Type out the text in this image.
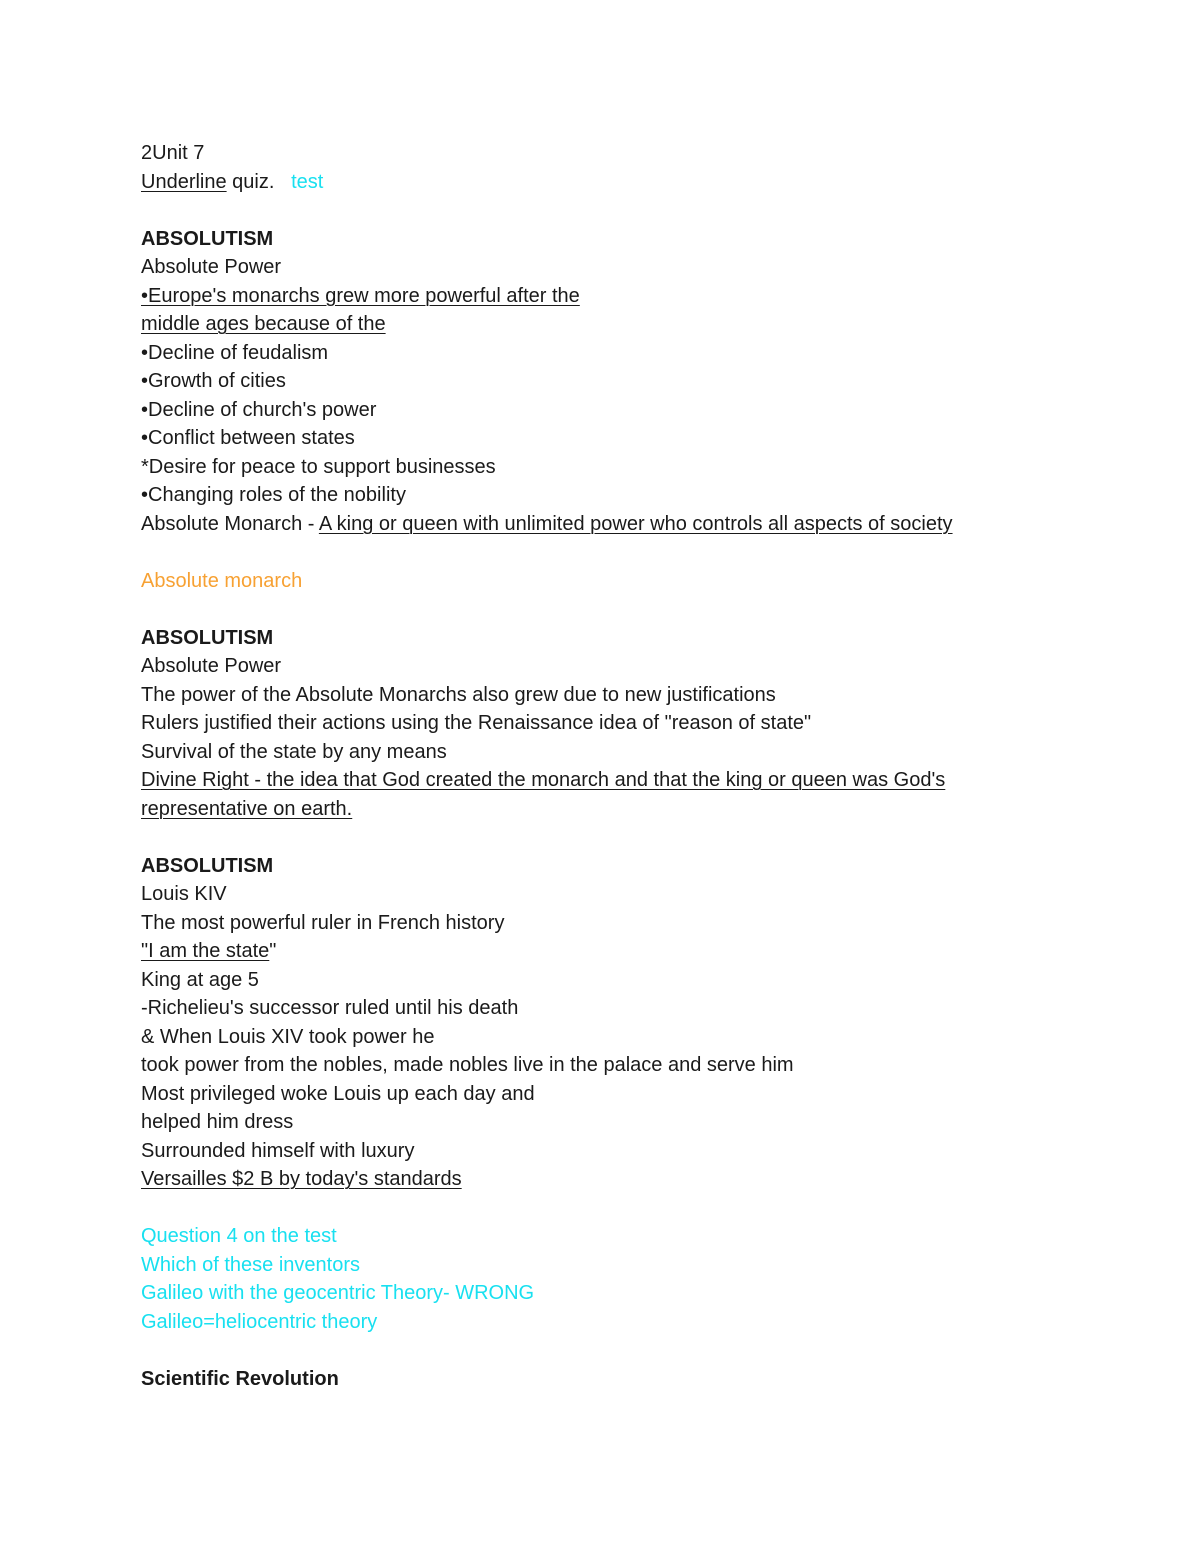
2Unit 7
Underline quiz.   test
ABSOLUTISM
Absolute Power
•Europe's monarchs grew more powerful after the
middle ages because of the
•Decline of feudalism
•Growth of cities
•Decline of church's power
•Conflict between states
*Desire for peace to support businesses
•Changing roles of the nobility
Absolute Monarch - A king or queen with unlimited power who controls all aspects of society
Absolute monarch
ABSOLUTISM
Absolute Power
The power of the Absolute Monarchs also grew due to new justifications
Rulers justified their actions using the Renaissance idea of "reason of state"
Survival of the state by any means
Divine Right - the idea that God created the monarch and that the king or queen was God's representative on earth.
ABSOLUTISM
Louis KIV
The most powerful ruler in French history
"I am the state"
King at age 5
-Richelieu's successor ruled until his death
& When Louis XIV took power he
took power from the nobles, made nobles live in the palace and serve him
Most privileged woke Louis up each day and
helped him dress
Surrounded himself with luxury
Versailles $2 B by today's standards
Question 4 on the test
Which of these inventors
Galileo with the geocentric Theory- WRONG
Galileo=heliocentric theory
Scientific Revolution
